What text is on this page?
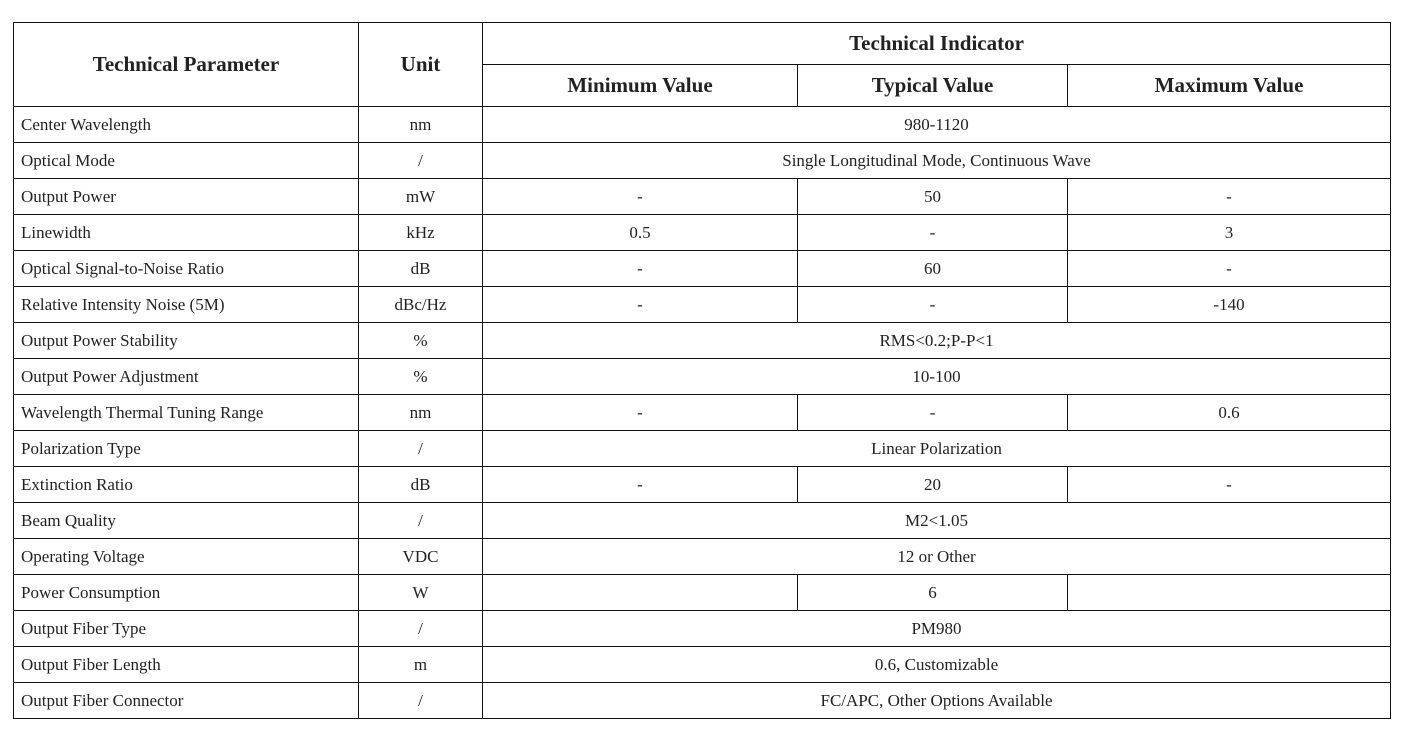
Technical Parameter	Unit	Technical Indicator		
		Minimum Value	Typical Value	Maximum Value
Center Wavelength	nm	980-1120		
Optical Mode	/	Single Longitudinal Mode, Continuous Wave		
Output Power	mW	-	50	-
Linewidth	kHz	0.5	-	3
Optical Signal-to-Noise Ratio	dB	-	60	-
Relative Intensity Noise (5M)	dBc/Hz	-	-	-140
Output Power Stability	%	RMS<0.2;P-P<1		
Output Power Adjustment	%	10-100		
Wavelength Thermal Tuning Range	nm	-	-	0.6
Polarization Type	/	Linear Polarization		
Extinction Ratio	dB	-	20	-
Beam Quality	/	M2<1.05		
Operating Voltage	VDC	12 or Other		
Power Consumption	W		6	
Output Fiber Type	/	PM980		
Output Fiber Length	m	0.6, Customizable		
Output Fiber Connector	/	FC/APC, Other Options Available		
